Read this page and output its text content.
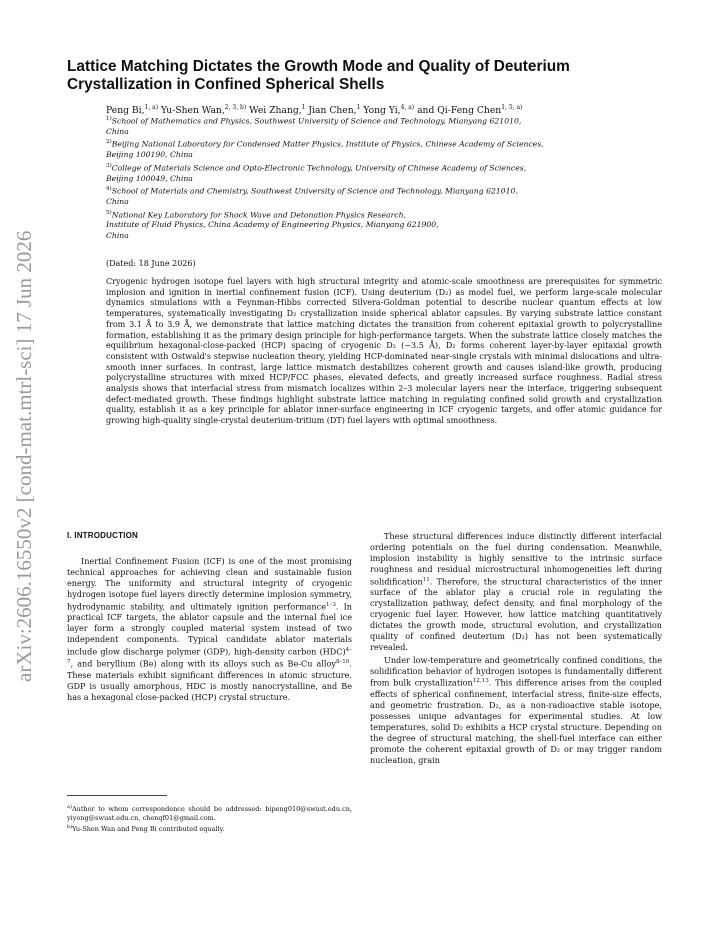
arXiv:2606.16550v2 [cond-mat.mtrl-sci] 17 Jun 2026
Lattice Matching Dictates the Growth Mode and Quality of Deuterium Crystallization in Confined Spherical Shells
Peng Bi,$^{1, a)}$ Yu-Shen Wan,$^{2, 3, b)}$ Wei Zhang,$^1$ Jian Chen,$^1$ Yong Yi,$^{4, a)}$ and Qi-Feng Chen$^{1, 5, a)}$

$^{1)}$School of Mathematics and Physics, Southwest University of Science and Technology, Mianyang 621010,
China

$^{2)}$Beijing National Laboratory for Condensed Matter Physics, Institute of Physics, Chinese Academy of Sciences,
Beijing 100190, China

$^{3)}$College of Materials Science and Opto-Electronic Technology, University of Chinese Academy of Sciences,
Beijing 100049, China

$^{4)}$School of Materials and Chemistry, Southwest University of Science and Technology, Mianyang 621010,
China

$^{5)}$National Key Laboratory for Shock Wave and Detonation Physics Research,
Institute of Fluid Physics, China Academy of Engineering Physics, Mianyang 621900,
China

(Dated: 18 June 2026)

Cryogenic hydrogen isotope fuel layers with high structural integrity and atomic-scale smoothness are prerequisites for symmetric implosion and ignition in inertial confinement fusion (ICF). Using deuterium (D₂) as model fuel, we perform large-scale molecular dynamics simulations with a Feynman-Hibbs corrected Silvera-Goldman potential to describe nuclear quantum effects at low temperatures, systematically investigating D₂ crystallization inside spherical ablator capsules. By varying substrate lattice constant from 3.1 Å to 3.9 Å, we demonstrate that lattice matching dictates the transition from coherent epitaxial growth to polycrystalline formation, establishing it as the primary design principle for high-performance targets. When the substrate lattice closely matches the equilibrium hexagonal-close-packed (HCP) spacing of cryogenic D₂ (∼3.5 Å), D₂ forms coherent layer-by-layer epitaxial growth consistent with Ostwald's stepwise nucleation theory, yielding HCP-dominated near-single crystals with minimal dislocations and ultra-smooth inner surfaces. In contrast, large lattice mismatch destabilizes coherent growth and causes island-like growth, producing polycrystalline structures with mixed HCP/FCC phases, elevated defects, and greatly increased surface roughness. Radial stress analysis shows that interfacial stress from mismatch localizes within 2–3 molecular layers near the interface, triggering subsequent defect-mediated growth. These findings highlight substrate lattice matching in regulating confined solid growth and crystallization quality, establish it as a key principle for ablator inner-surface engineering in ICF cryogenic targets, and offer atomic guidance for growing high-quality single-crystal deuterium-tritium (DT) fuel layers with optimal smoothness.

I. INTRODUCTION

Inertial Confinement Fusion (ICF) is one of the most promising technical approaches for achieving clean and sustainable fusion energy. The uniformity and structural integrity of cryogenic hydrogen isotope fuel layers directly determine implosion symmetry, hydrodynamic stability, and ultimately ignition performance$^{1-3}$. In practical ICF targets, the ablator capsule and the internal fuel ice layer form a strongly coupled material system instead of two independent components. Typical candidate ablator materials include glow discharge polymer (GDP), high-density carbon (HDC)$^{4-7}$, and beryllium (Be) along with its alloys such as Be-Cu alloy$^{8-10}$. These materials exhibit significant differences in atomic structure. GDP is usually amorphous, HDC is mostly nanocrystalline, and Be has a hexagonal close-packed (HCP) crystal structure.

These structural differences induce distinctly different interfacial ordering potentials on the fuel during condensation. Meanwhile, implosion instability is highly sensitive to the intrinsic surface roughness and residual microstructural inhomogeneities left during solidification$^{11}$. Therefore, the structural characteristics of the inner surface of the ablator play a crucial role in regulating the crystallization pathway, defect density, and final morphology of the cryogenic fuel layer. However, how lattice matching quantitatively dictates the growth mode, structural evolution, and crystallization quality of confined deuterium (D₂) has not been systematically revealed.

Under low-temperature and geometrically confined conditions, the solidification behavior of hydrogen isotopes is fundamentally different from bulk crystallization$^{12,13}$. This difference arises from the coupled effects of spherical confinement, interfacial stress, finite-size effects, and geometric frustration. D₂, as a non-radioactive stable isotope, possesses unique advantages for experimental studies. At low temperatures, solid D₂ exhibits a HCP crystal structure. Depending on the degree of structural matching, the shell-fuel interface can either promote the coherent epitaxial growth of D₂ or may trigger random nucleation, grain

$^{a)}$Author to whom correspondence should be addressed: bipeng010@swust.edu.cn, yiyong@swust.edu.cn, chenqf01@gmail.com.

$^{b)}$Yu-Shen Wan and Peng Bi contributed equally.
